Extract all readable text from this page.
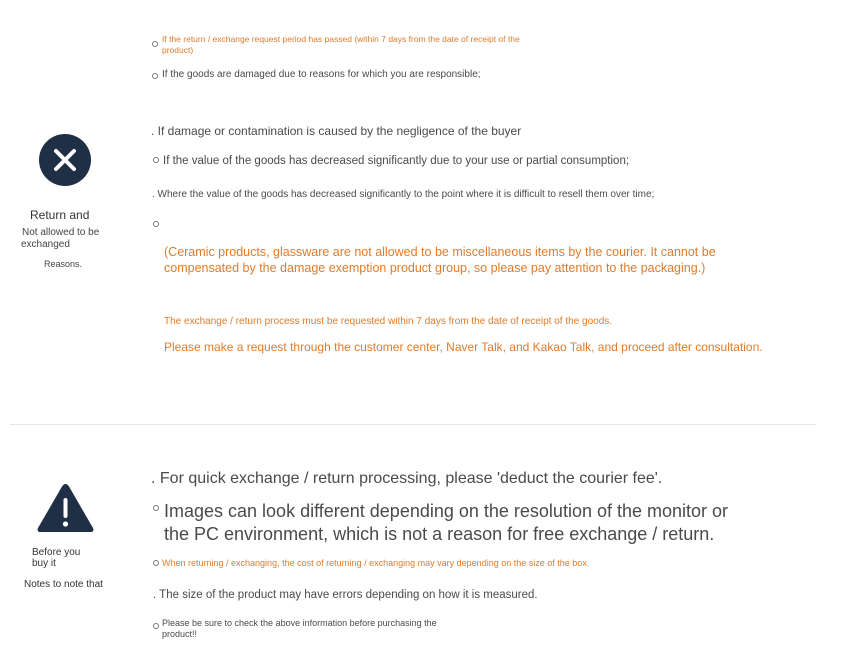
Return and
Not allowed to be
exchanged
Reasons.
If the return / exchange request period has passed (within 7 days from the date of receipt of the
product)
If the goods are damaged due to reasons for which you are responsible;
. If damage or contamination is caused by the negligence of the buyer
If the value of the goods has decreased significantly due to your use or partial consumption;
. Where the value of the goods has decreased significantly to the point where it is difficult to resell them over time;
(Ceramic products, glassware are not allowed to be miscellaneous items by the courier. It cannot be
compensated by the damage exemption product group, so please pay attention to the packaging.)
The exchange / return process must be requested within 7 days from the date of receipt of the goods.
Please make a request through the customer center, Naver Talk, and Kakao Talk, and proceed after consultation.
Before you
buy it
Notes to note that
. For quick exchange / return processing, please 'deduct the courier fee'.
Images can look different depending on the resolution of the monitor or
the PC environment, which is not a reason for free exchange / return.
When returning / exchanging, the cost of returning / exchanging may vary depending on the size of the box.
. The size of the product may have errors depending on how it is measured.
Please be sure to check the above information before purchasing the
product!!
